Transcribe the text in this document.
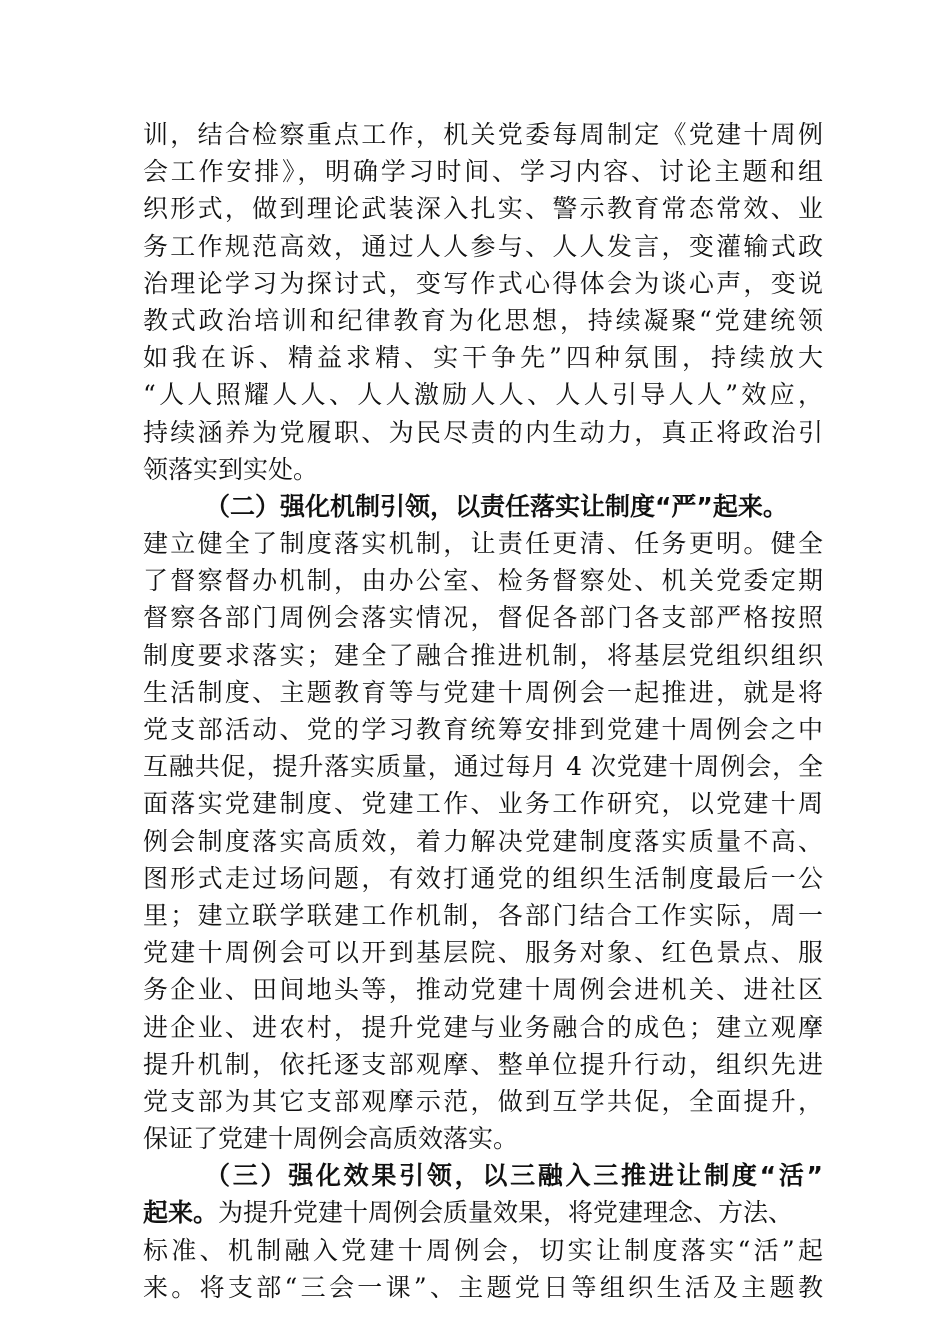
训，结合检察重点工作，机关党委每周制定《党建十周例
会工作安排》，明确学习时间、学习内容、讨论主题和组
织形式，做到理论武装深入扎实、警示教育常态常效、业
务工作规范高效，通过人人参与、人人发言，变灌输式政
治理论学习为探讨式，变写作式心得体会为谈心声，变说
教式政治培训和纪律教育为化思想，持续凝聚“党建统领
如我在诉、精益求精、实干争先”四种氛围，持续放大
“人人照耀人人、人人激励人人、人人引导人人”效应，
持续涵养为党履职、为民尽责的内生动力，真正将政治引
领落实到实处。
（二）强化机制引领，以责任落实让制度“严”起来。
建立健全了制度落实机制，让责任更清、任务更明。健全
了督察督办机制，由办公室、检务督察处、机关党委定期
督察各部门周例会落实情况，督促各部门各支部严格按照
制度要求落实；建全了融合推进机制，将基层党组织组织
生活制度、主题教育等与党建十周例会一起推进，就是将
党支部活动、党的学习教育统筹安排到党建十周例会之中
互融共促，提升落实质量，通过每月 4 次党建十周例会，全
面落实党建制度、党建工作、业务工作研究，以党建十周
例会制度落实高质效，着力解决党建制度落实质量不高、
图形式走过场问题，有效打通党的组织生活制度最后一公
里；建立联学联建工作机制，各部门结合工作实际，周一
党建十周例会可以开到基层院、服务对象、红色景点、服
务企业、田间地头等，推动党建十周例会进机关、进社区
进企业、进农村，提升党建与业务融合的成色；建立观摩
提升机制，依托逐支部观摩、整单位提升行动，组织先进
党支部为其它支部观摩示范，做到互学共促，全面提升，
保证了党建十周例会高质效落实。
（三）强化效果引领，以三融入三推进让制度“活”
起来。为提升党建十周例会质量效果，将党建理念、方法、
标准、机制融入党建十周例会，切实让制度落实“活”起
来。将支部“三会一课”、主题党日等组织生活及主题教
